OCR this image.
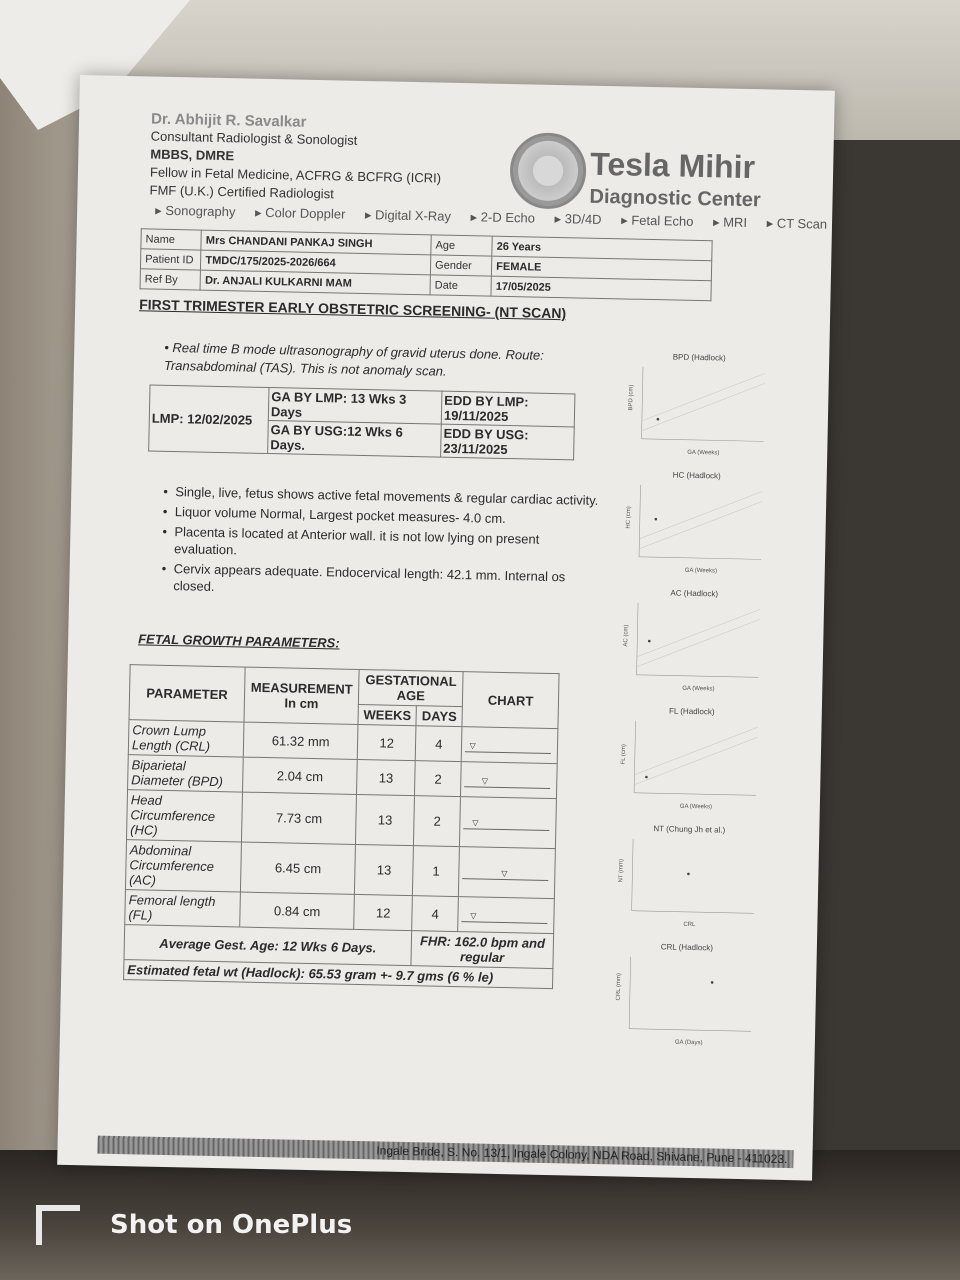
Dr. Abhijit R. Savalkar
Consultant Radiologist & Sonologist
MBBS, DMRE
Fellow in Fetal Medicine, ACFRG & BCFRG (ICRI)
FMF (U.K.) Certified Radiologist
Tesla Mihir
Diagnostic Center
▸ Sonography ▸ Color Doppler ▸ Digital X-Ray ▸ 2-D Echo ▸ 3D/4D ▸ Fetal Echo ▸ MRI ▸ CT Scan
Name	Mrs CHANDANI PANKAJ SINGH	Age	26 Years
Patient ID	TMDC/175/2025-2026/664	Gender	FEMALE
Ref By	Dr. ANJALI KULKARNI MAM	Date	17/05/2025
FIRST TRIMESTER EARLY OBSTETRIC SCREENING- (NT SCAN)
• Real time B mode ultrasonography of gravid uterus done. Route: Transabdominal (TAS). This is not anomaly scan.
LMP: 12/02/2025	GA BY LMP: 13 Wks 3 Days	EDD BY LMP: 19/11/2025
	GA BY USG:12 Wks 6 Days.	EDD BY USG: 23/11/2025
• Single, live, fetus shows active fetal movements & regular cardiac activity.
• Liquor volume Normal, Largest pocket measures- 4.0 cm.
• Placenta is located at Anterior wall. it is not low lying on present evaluation.
• Cervix appears adequate. Endocervical length: 42.1 mm. Internal os closed.
FETAL GROWTH PARAMETERS:
PARAMETER	MEASUREMENT In cm	GESTATIONAL AGE		CHART
		WEEKS	DAYS	
Crown Lump Length (CRL)	61.32 mm	12	4	▽

Biparietal Diameter (BPD)	2.04 cm	13	2	▽

Head Circumference (HC)	7.73 cm	13	2	▽

Abdominal Circumference (AC)	6.45 cm	13	1	▽

Femoral length (FL)	0.84 cm	12	4	▽

Average Gest. Age: 12 Wks 6 Days.			FHR: 162.0 bpm and regular	
Estimated fetal wt (Hadlock): 65.53 gram +- 9.7 gms (6 % le)				
BPD (Hadlock)
BPD (cm)
GA (Weeks)
HC (Hadlock)
HC (cm)
GA (Weeks)
AC (Hadlock)
AC (cm)
GA (Weeks)
FL (Hadlock)
FL (cm)
GA (Weeks)
NT (Chung Jh et al.)
NT (mm)
CRL
CRL (Hadlock)
CRL (mm)
GA (Days)
Ingale Bride, S. No. 13/1, Ingale Colony, NDA Road, Shivane, Pune - 411023.
Shot on OnePlus
